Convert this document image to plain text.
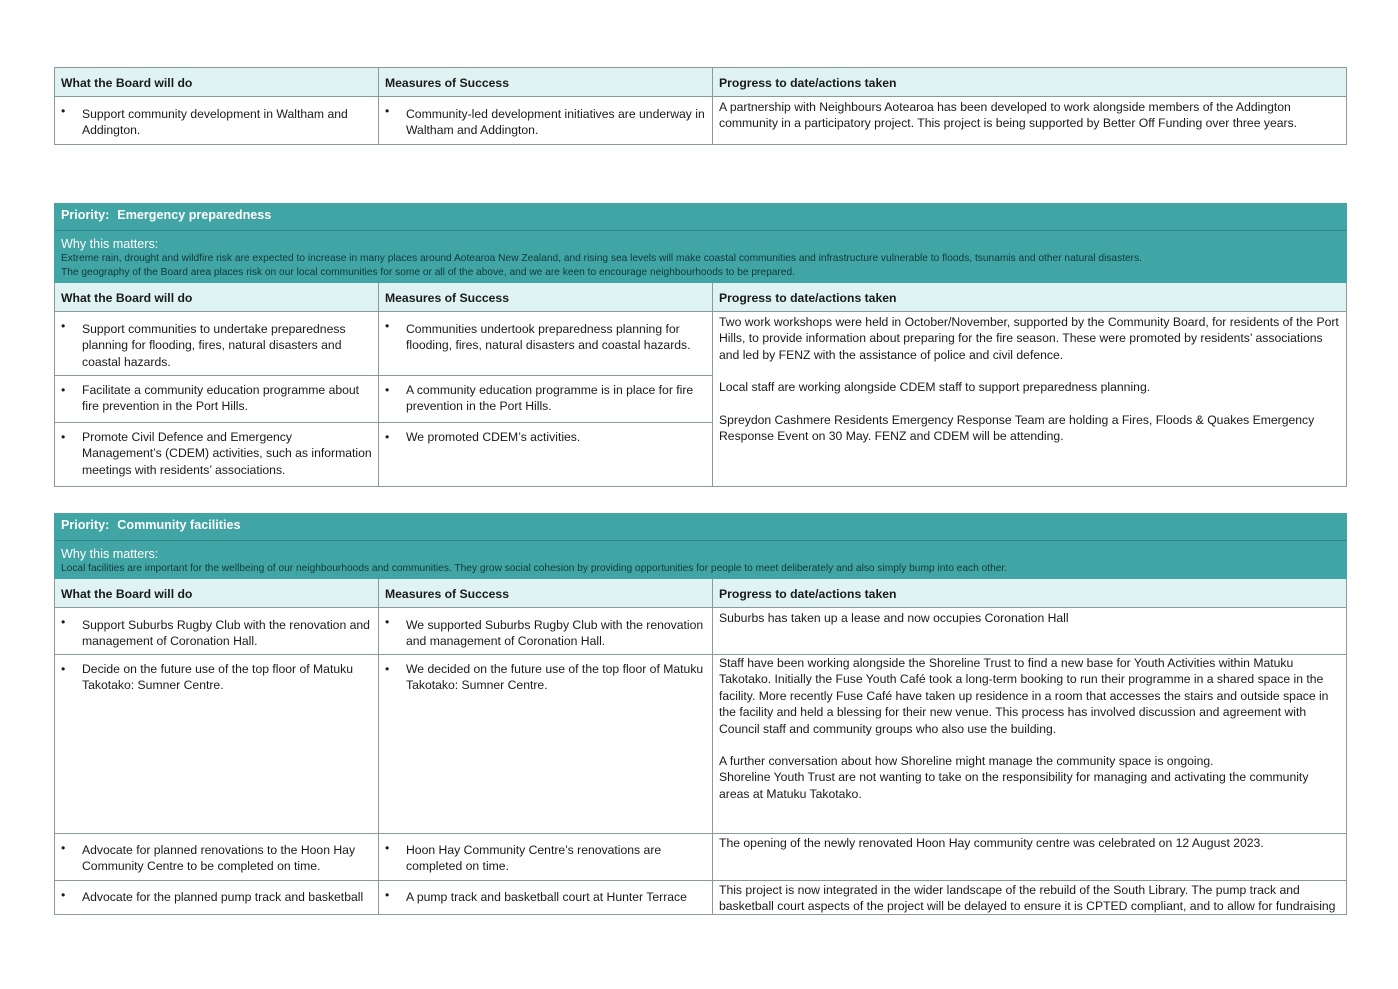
What the Board will do	Measures of Success	Progress to date/actions taken

• Support community development in Waltham and Addington.	• Community-led development initiatives are underway in Waltham and Addington.	A partnership with Neighbours Aotearoa has been developed to work alongside members of the Addington community in a participatory project. This project is being supported by Better Off Funding over three years.
Priority: Emergency preparedness
Why this matters:
Extreme rain, drought and wildfire risk are expected to increase in many places around Aotearoa New Zealand, and rising sea levels will make coastal communities and infrastructure vulnerable to floods, tsunamis and other natural disasters.
The geography of the Board area places risk on our local communities for some or all of the above, and we are keen to encourage neighbourhoods to be prepared.		

What the Board will do	Measures of Success	Progress to date/actions taken

• Support communities to undertake preparedness planning for flooding, fires, natural disasters and coastal hazards.	• Communities undertook preparedness planning for flooding, fires, natural disasters and coastal hazards.	Two work workshops were held in October/November, supported by the Community Board, for residents of the Port Hills, to provide information about preparing for the fire season. These were promoted by residents’ associations and led by FENZ with the assistance of police and civil defence.

Local staff are working alongside CDEM staff to support preparedness planning.

Spreydon Cashmere Residents Emergency Response Team are holding a Fires, Floods & Quakes Emergency Response Event on 30 May. FENZ and CDEM will be attending.

• Facilitate a community education programme about fire prevention in the Port Hills.	• A community education programme is in place for fire prevention in the Port Hills.

• Promote Civil Defence and Emergency Management’s (CDEM) activities, such as information meetings with residents’ associations.	• We promoted CDEM’s activities.
Priority: Community facilities
Why this matters:
Local facilities are important for the wellbeing of our neighbourhoods and communities. They grow social cohesion by providing opportunities for people to meet deliberately and also simply bump into each other.		

What the Board will do	Measures of Success	Progress to date/actions taken

• Support Suburbs Rugby Club with the renovation and management of Coronation Hall.	• We supported Suburbs Rugby Club with the renovation and management of Coronation Hall.	Suburbs has taken up a lease and now occupies Coronation Hall

• Decide on the future use of the top floor of Matuku Takotako: Sumner Centre.	• We decided on the future use of the top floor of Matuku Takotako: Sumner Centre.	Staff have been working alongside the Shoreline Trust to find a new base for Youth Activities within Matuku Takotako. Initially the Fuse Youth Café took a long-term booking to run their programme in a shared space in the facility. More recently Fuse Café have taken up residence in a room that accesses the stairs and outside space in the facility and held a blessing for their new venue. This process has involved discussion and agreement with Council staff and community groups who also use the building.

A further conversation about how Shoreline might manage the community space is ongoing.

Shoreline Youth Trust are not wanting to take on the responsibility for managing and activating the community areas at Matuku Takotako.

• Advocate for planned renovations to the Hoon Hay Community Centre to be completed on time.	• Hoon Hay Community Centre’s renovations are completed on time.	The opening of the newly renovated Hoon Hay community centre was celebrated on 12 August 2023.

• Advocate for the planned pump track and basketball	• A pump track and basketball court at Hunter Terrace	This project is now integrated in the wider landscape of the rebuild of the South Library. The pump track and basketball court aspects of the project will be delayed to ensure it is CPTED compliant, and to allow for fundraising
